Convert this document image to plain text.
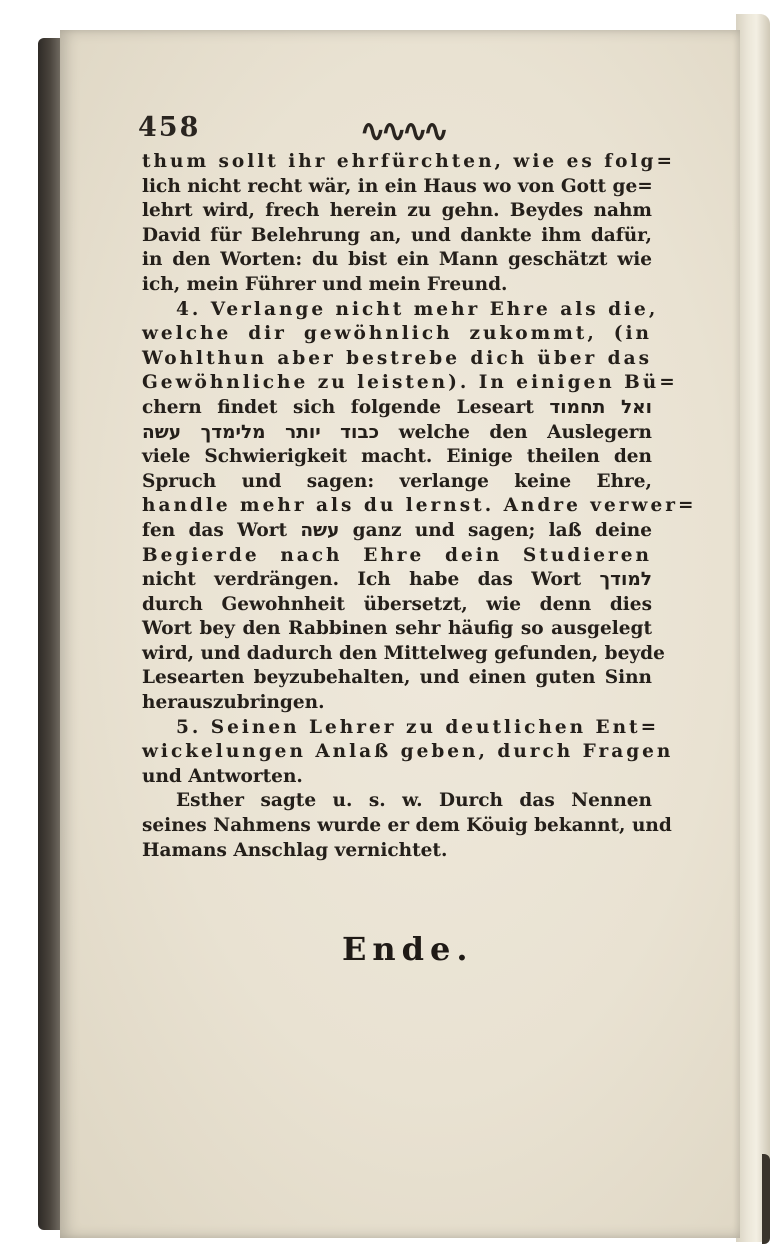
458	∿∿∿∿
thum sollt ihr ehrfürchten, wie es folg=
lich nicht recht wär, in ein Haus wo von Gott ge=
lehrt wird, frech herein zu gehn. Beydes nahm
David für Belehrung an, und dankte ihm dafür,
in den Worten: du bist ein Mann geschätzt wie
ich, mein Führer und mein Freund.
4. Verlange nicht mehr Ehre als die,
welche dir gewöhnlich zukommt, (in
Wohlthun aber bestrebe dich über das
Gewöhnliche zu leisten). In einigen Bü=
chern findet sich folgende Leseart ואל תחמוד
כבוד יותר מלימדך עשה welche den Auslegern
viele Schwierigkeit macht. Einige theilen den
Spruch und sagen: verlange keine Ehre,
handle mehr als du lernst. Andre verwer=
fen das Wort עשה ganz und sagen; laß deine
Begierde nach Ehre dein Studieren
nicht verdrängen. Ich habe das Wort למודך
durch Gewohnheit übersetzt, wie denn dies
Wort bey den Rabbinen sehr häufig so ausgelegt
wird, und dadurch den Mittelweg gefunden, beyde
Lesearten beyzubehalten, und einen guten Sinn
herauszubringen.
5. Seinen Lehrer zu deutlichen Ent=
wickelungen Anlaß geben, durch Fragen
und Antworten.
Esther sagte u. s. w. Durch das Nennen
seines Nahmens wurde er dem Köuig bekannt, und
Hamans Anschlag vernichtet.
Ende.
